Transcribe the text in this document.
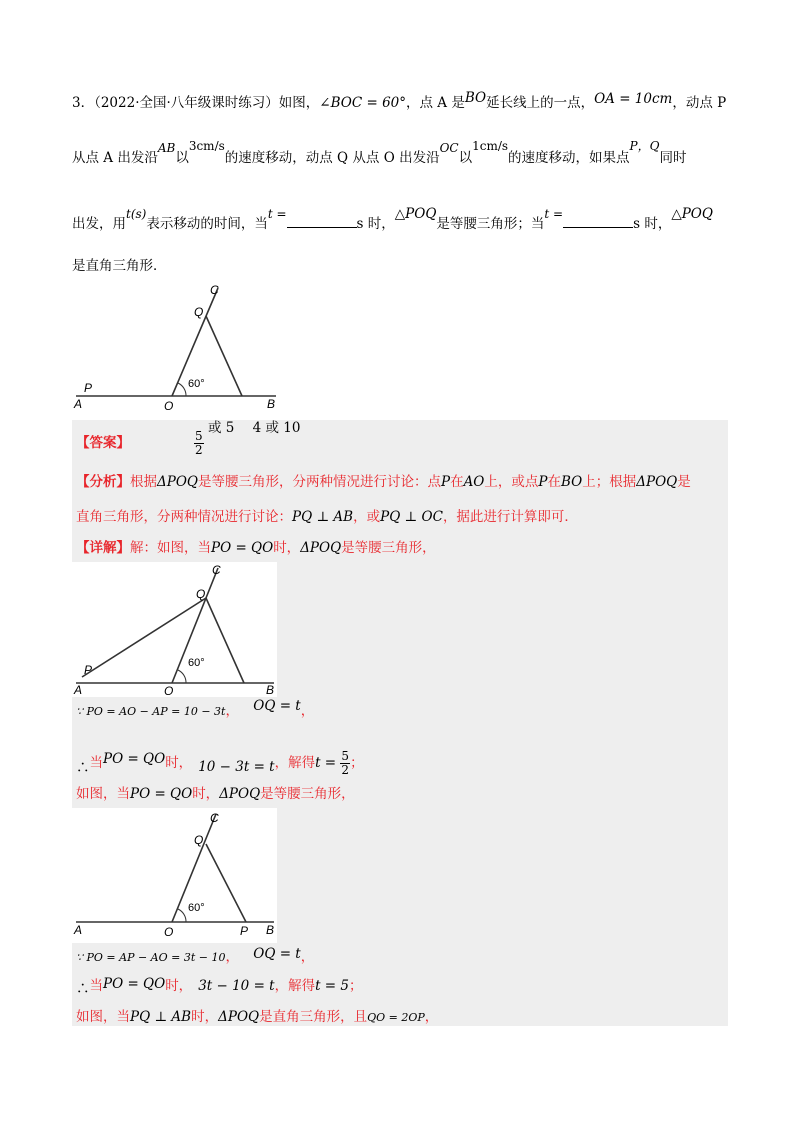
3．（2022·全国·八年级课时练习）如图，∠BOC = 60°，点 A 是BO延长线上的一点，OA = 10cm，动点 P
从点 A 出发沿AB以3cm/s的速度移动，动点 Q 从点 O 出发沿OC以1cm/s的速度移动，如果点P，Q同时
出发，用t(s)表示移动的时间，当t =s 时，△POQ是等腰三角形；当t =s 时，△POQ
是直角三角形．
60°
A
P
O	B
C
Q
【答案】	$\frac{5}{2}$
或 5 4 或 10
【分析】根据ΔPOQ是等腰三角形，分两种情况进行讨论：点P在AO上，或点P在BO上；根据ΔPOQ是
直角三角形，分两种情况进行讨论：PQ ⊥ AB，或PQ ⊥ OC，据此进行计算即可．
【详解】解：如图，当PO = QO时，ΔPOQ是等腰三角形，
60°
A
P
O	B
C
Q
∵ PO = AO − AP = 10 − 3t， OQ = t，
∴当PO = QO时， 10 − 3t = t，解得$t = \frac{5}{2}$ ；
如图，当PO = QO时，ΔPOQ是等腰三角形，
60°
A	O	P B
C
Q
∵ PO = AP − AO = 3t − 10， OQ = t，
∴当PO = QO时， 3t − 10 = t，解得t = 5；
如图，当PQ ⊥ AB时，ΔPOQ是直角三角形，且QO = 2OP，
